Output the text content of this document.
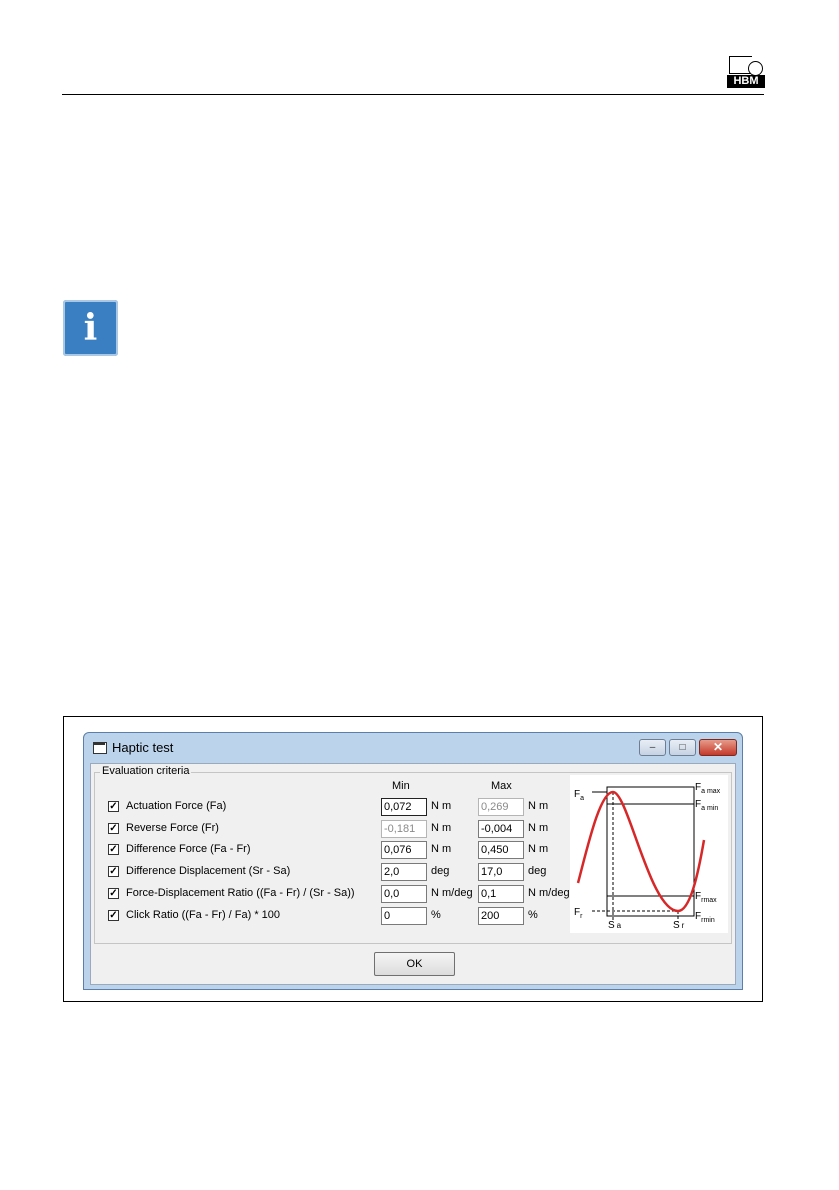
HBM
i
Haptic test	–	□	✕
Evaluation criteria
Min	Max
✓ Actuation Force (Fa)	0,072	N m	0,269	N m
✓ Reverse Force (Fr)	-0,181	N m	-0,004	N m
✓ Difference Force (Fa - Fr)	0,076	N m	0,450	N m
✓ Difference Displacement (Sr - Sa)	2,0	deg	17,0	deg
✓ Force-Displacement Ratio ((Fa - Fr) / (Sr - Sa))	0,0	N m/deg 0,1	N m/deg
✓ Click Ratio ((Fa - Fr) / Fa) * 100	0	%	200	%
$F_a$
$F_r$
$F_{a max}$
$F_{a min}$
$F_{rmax}$
$F_{rmin}$
S a	S r
OK
